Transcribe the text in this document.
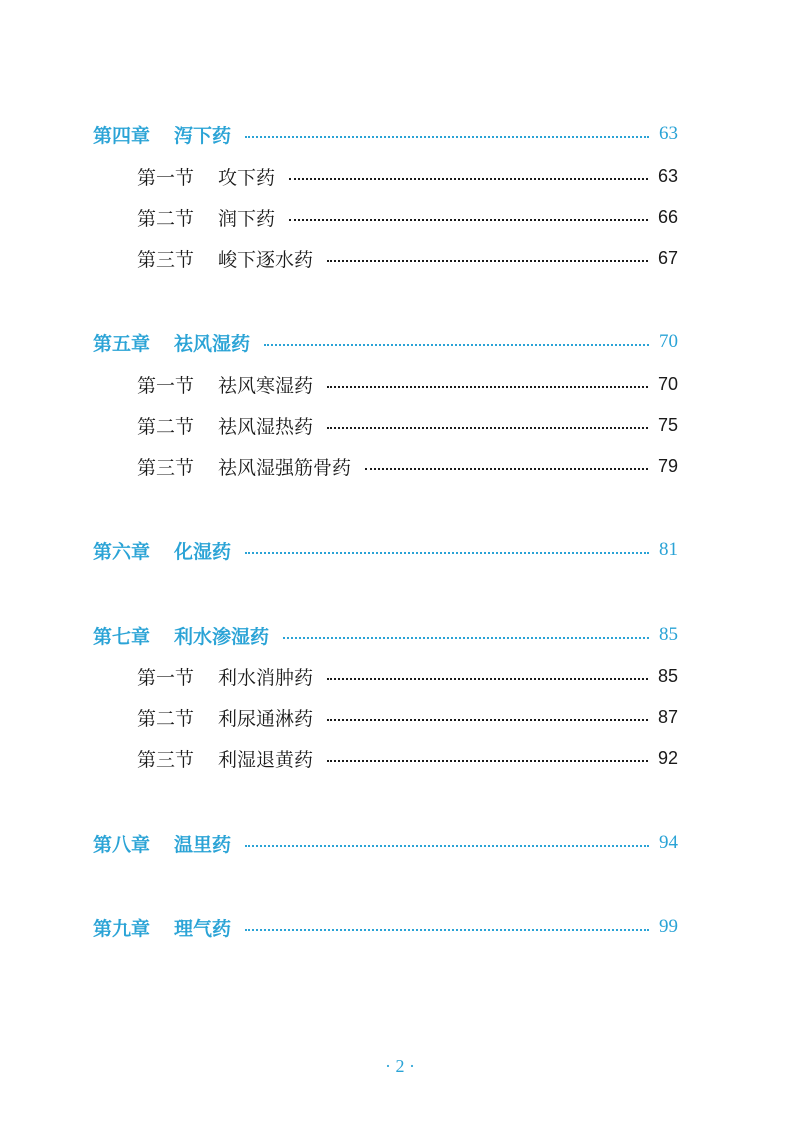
第四章 泻下药	63
第一节 攻下药	63
第二节 润下药	66
第三节 峻下逐水药	67
第五章 祛风湿药	70
第一节 祛风寒湿药	70
第二节 祛风湿热药	75
第三节 祛风湿强筋骨药	79
第六章 化湿药	81
第七章 利水渗湿药	85
第一节 利水消肿药	85
第二节 利尿通淋药	87
第三节 利湿退黄药	92
第八章 温里药	94
第九章 理气药	99
· 2 ·
